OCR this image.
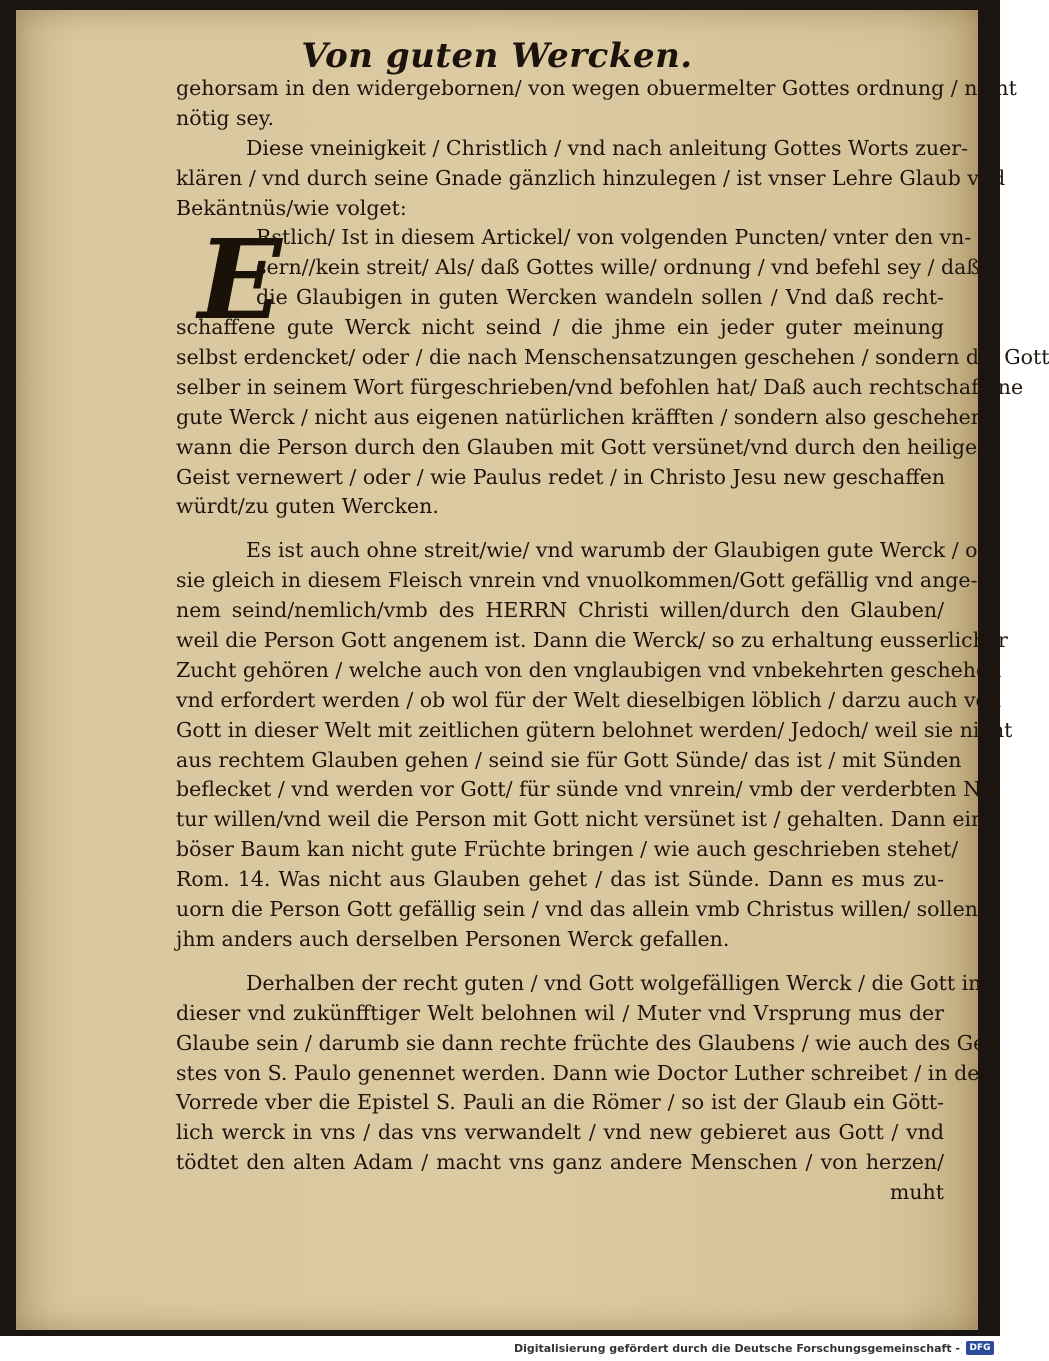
Von guten Wercken.
E
gehorsam in den widergebornen/ von wegen obuermelter Gottes ordnung / nicht
nötig sey.
Diese vneinigkeit / Christlich / vnd nach anleitung Gottes Worts zuer-
klären / vnd durch seine Gnade gänzlich hinzulegen / ist vnser Lehre Glaub vnd
Bekäntnüs/wie volget:
Rstlich/ Ist in diesem Artickel/ von volgenden Puncten/ vnter den vn-
sern//kein streit/ Als/ daß Gottes wille/ ordnung / vnd befehl sey / daß
die Glaubigen in guten Wercken wandeln sollen / Vnd daß recht-
schaffene gute Werck nicht seind / die jhme ein jeder guter meinung
selbst erdencket/ oder / die nach Menschensatzungen geschehen / sondern die Gott
selber in seinem Wort fürgeschrieben/vnd befohlen hat/ Daß auch rechtschaffene
gute Werck / nicht aus eigenen natürlichen kräfften / sondern also geschehen/
wann die Person durch den Glauben mit Gott versünet/vnd durch den heiligen
Geist vernewert / oder / wie Paulus redet / in Christo Jesu new geschaffen
würdt/zu guten Wercken.
Es ist auch ohne streit/wie/ vnd warumb der Glaubigen gute Werck / ob
sie gleich in diesem Fleisch vnrein vnd vnuolkommen/Gott gefällig vnd ange-
nem seind/nemlich/vmb des HERRN Christi willen/durch den Glauben/
weil die Person Gott angenem ist. Dann die Werck/ so zu erhaltung eusserlicher
Zucht gehören / welche auch von den vnglaubigen vnd vnbekehrten geschehen
vnd erfordert werden / ob wol für der Welt dieselbigen löblich / darzu auch von
Gott in dieser Welt mit zeitlichen gütern belohnet werden/ Jedoch/ weil sie nicht
aus rechtem Glauben gehen / seind sie für Gott Sünde/ das ist / mit Sünden
beflecket / vnd werden vor Gott/ für sünde vnd vnrein/ vmb der verderbten Na-
tur willen/vnd weil die Person mit Gott nicht versünet ist / gehalten. Dann ein
böser Baum kan nicht gute Früchte bringen / wie auch geschrieben stehet/
Rom. 14. Was nicht aus Glauben gehet / das ist Sünde. Dann es mus zu-
uorn die Person Gott gefällig sein / vnd das allein vmb Christus willen/ sollen
jhm anders auch derselben Personen Werck gefallen.
Derhalben der recht guten / vnd Gott wolgefälligen Werck / die Gott in
dieser vnd zukünfftiger Welt belohnen wil / Muter vnd Vrsprung mus der
Glaube sein / darumb sie dann rechte früchte des Glaubens / wie auch des Gei-
stes von S. Paulo genennet werden. Dann wie Doctor Luther schreibet / in der
Vorrede vber die Epistel S. Pauli an die Römer / so ist der Glaub ein Gött-
lich werck in vns / das vns verwandelt / vnd new gebieret aus Gott / vnd
tödtet den alten Adam / macht vns ganz andere Menschen / von herzen/
muht
Digitalisierung gefördert durch die Deutsche Forschungsgemeinschaft -	DFG
